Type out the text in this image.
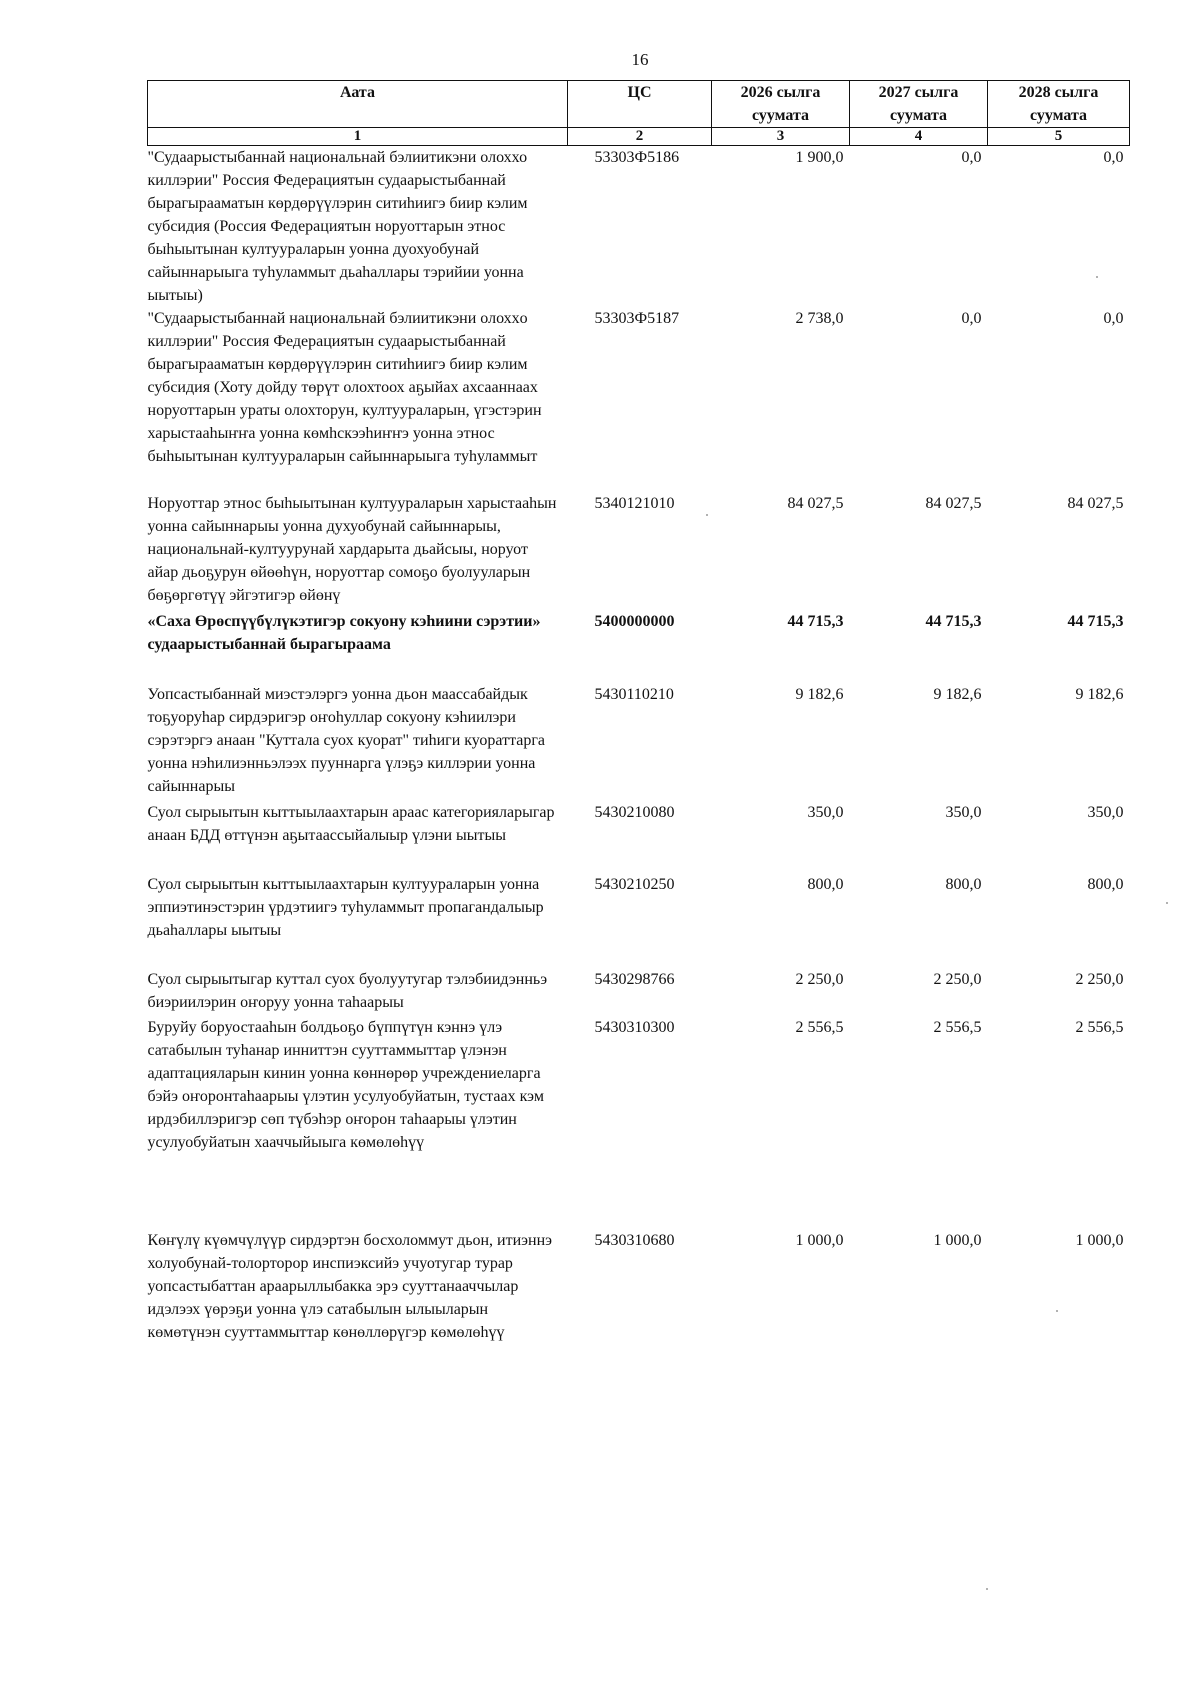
16
Аата	ЦС	2026 сылга суумата	2027 сылга суумата	2028 сылга суумата
1	2	3	4	5
"Судаарыстыбаннай национальнай бэлиитикэни олоххо киллэрии" Россия Федерациятын судаарыстыбаннай бырагырааматын көрдөрүүлэрин ситиһиигэ биир кэлим субсидия (Россия Федерациятын норуоттарын этнос быһыытынан култуураларын уонна дуохуобунай сайыннарыыга туһуламмыт дьаһаллары тэрийии уонна ыытыы)	53303Ф5186	1 900,0	0,0	0,0
"Судаарыстыбаннай национальнай бэлиитикэни олохxо киллэрии" Россия Федерациятын судаарыстыбаннай бырагырааматын көрдөрүүлэрин ситиһиигэ биир кэлим субсидия (Хоту дойду төрүт олохтоох аҕыйах ахсааннаах норуоттарын ураты олохторун, култуураларын, үгэстэрин харыстааһыҥҥа уонна көмһскээһиҥҥэ уонна этнос быһыытынан култуураларын сайыннарыыга туһуламмыт	53303Ф5187	2 738,0	0,0	0,0
Норуоттар этнос быһыытынан култуураларын харыстааһын уонна сайыннарыы уонна духуобунай сайыннарыы, национальнай-култуурунай хардарыта дьайсыы, норуот айар дьоҕурун өйөөһүн, норуоттар сомоҕо буолууларын бөҕөргөтүү эйгэтигэр өйөнү	5340121010	84 027,5	84 027,5	84 027,5
«Саха Өрөспүүбүлүкэтигэр сокуону кэһиини сэрэтии» судаарыстыбаннай бырагыраама	5400000000	44 715,3	44 715,3	44 715,3
Уопсастыбаннай миэстэлэргэ уонна дьон маассабайдык тоҕуоруһар сирдэригэр оҥоһуллар сокуону кэһиилэри сэрэтэргэ анаан "Куттала суох куорат" тиһиги куораттарга уонна нэһилиэнньэлээх пууннарга үлэҕэ киллэрии уонна сайыннарыы	5430110210	9 182,6	9 182,6	9 182,6
Суол сырыытын кыттыылаахтарын араас категорияларыгар анаан БДД өттүнэн аҕытаассыйалыыр үлэни ыытыы	5430210080	350,0	350,0	350,0
Суол сырыытын кыттыылаахтарын култуураларын уонна эппиэтинэстэрин үрдэтиигэ туһуламмыт пропагандалыыр дьаһаллары ыытыы	5430210250	800,0	800,0	800,0
Суол сырыытыгар куттал суох буолуутугар тэлэбиидэнньэ биэриилэрин оҥоруу уонна таһаарыы	5430298766	2 250,0	2 250,0	2 250,0
Буруйу боруостааһын болдьоҕо бүппүтүн кэннэ үлэ сатабылын туһанар инниттэн сууттаммыттар үлэнэн адаптацияларын кинин уонна көннөрөр учреждениеларга бэйэ оҥоронтаһаарыы үлэтин усулуобуйатын, тустаах кэм ирдэбиллэригэр сөп түбэһэр оҥорон таһаарыы үлэтин усулуобуйатын хааччыйыыга көмөлөһүү	5430310300	2 556,5	2 556,5	2 556,5
Көҥүлү күөмчүлүүр сирдэртэн босхоломмут дьон, итиэннэ холуобунай-толорторор инспиэксийэ учуотугар турар уопсастыбаттан араарыллыбакка эрэ сууттанааччылар идэлээх үөрэҕи уонна үлэ сатабылын ылыыларын көмөтүнэн сууттаммыттар көнөллөрүгэр көмөлөһүү	5430310680	1 000,0	1 000,0	1 000,0
